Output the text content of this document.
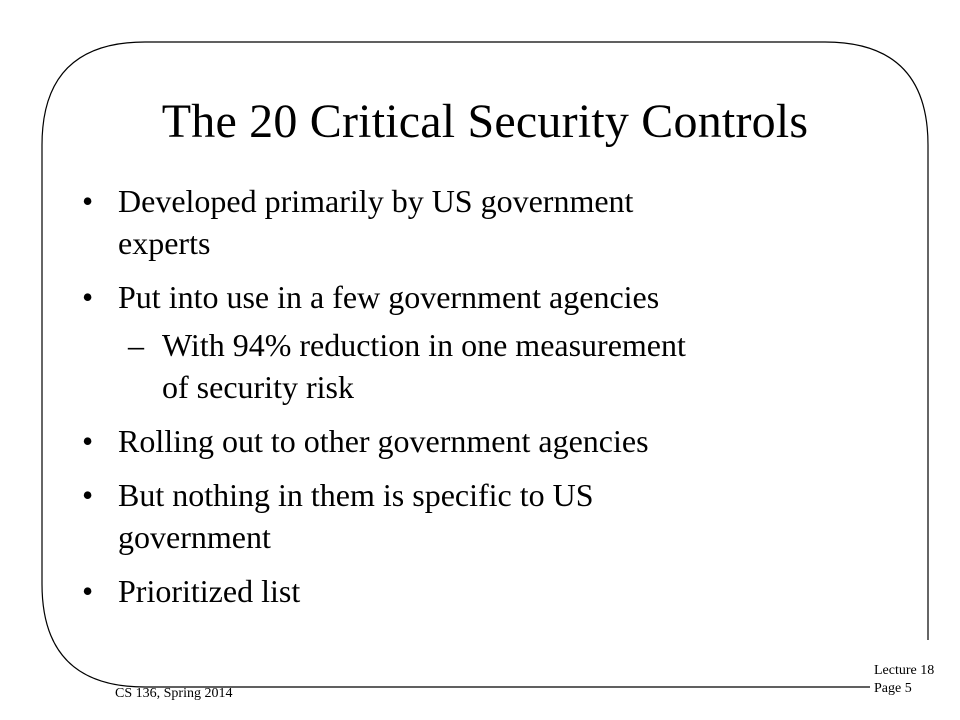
The 20 Critical Security Controls
• Developed primarily by US government
experts
• Put into use in a few government agencies
– With 94% reduction in one measurement
of security risk
• Rolling out to other government agencies
• But nothing in them is specific to US
government
• Prioritized list
CS 136, Spring 2014
Lecture 18
Page 5
